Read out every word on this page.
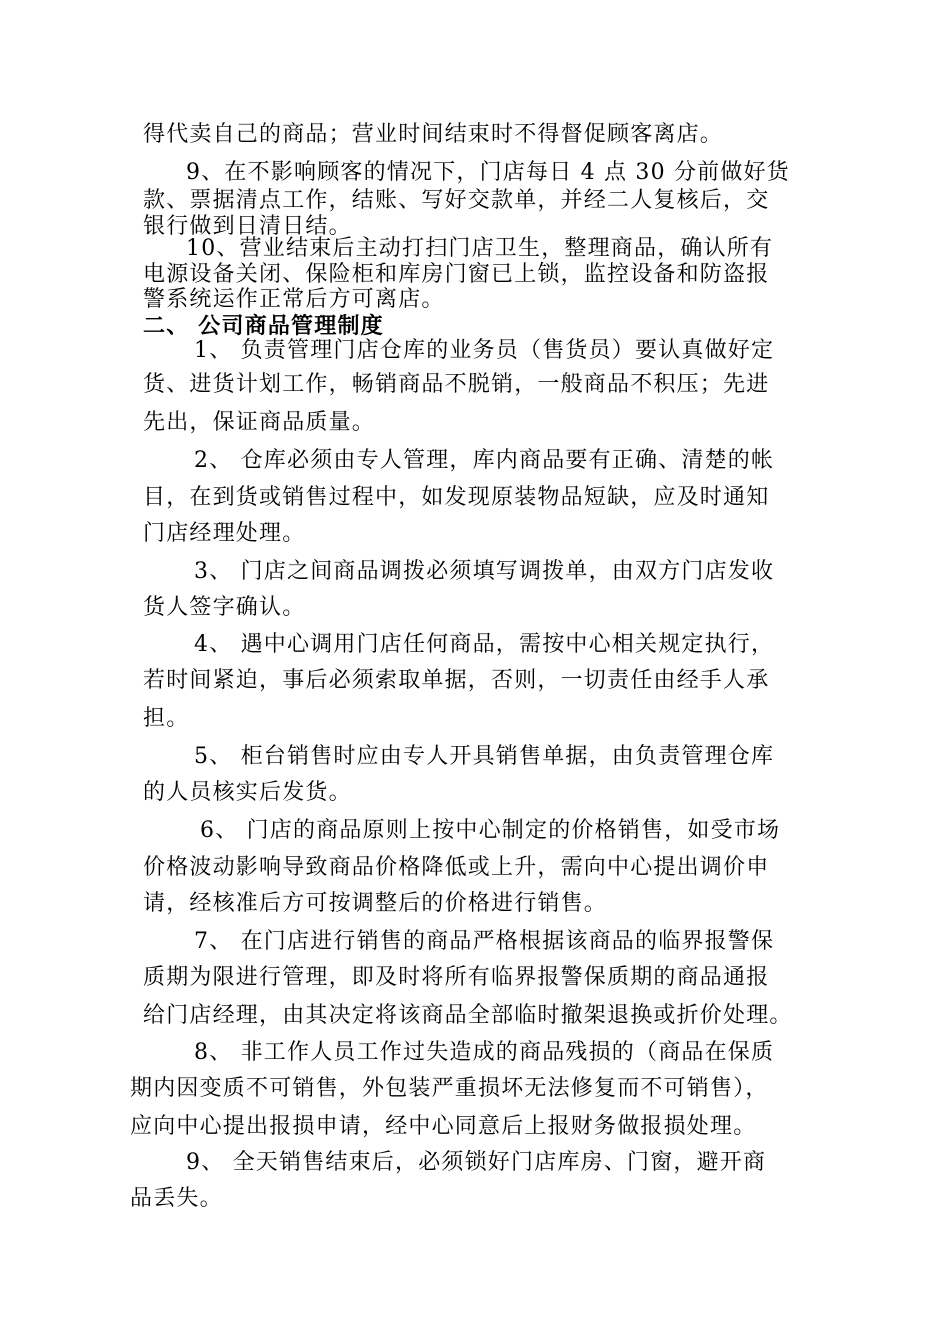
得代卖自己的商品；营业时间结束时不得督促顾客离店。
9、在不影响顾客的情况下，门店每日 4 点 30 分前做好货
款、票据清点工作，结账、写好交款单，并经二人复核后，交
银行做到日清日结。
10、营业结束后主动打扫门店卫生，整理商品，确认所有
电源设备关闭、保险柜和库房门窗已上锁，监控设备和防盗报
警系统运作正常后方可离店。
二、 公司商品管理制度
1、 负责管理门店仓库的业务员（售货员）要认真做好定
货、进货计划工作，畅销商品不脱销，一般商品不积压；先进
先出，保证商品质量。
2、 仓库必须由专人管理，库内商品要有正确、清楚的帐
目，在到货或销售过程中，如发现原装物品短缺，应及时通知
门店经理处理。
3、 门店之间商品调拨必须填写调拨单，由双方门店发收
货人签字确认。
4、 遇中心调用门店任何商品，需按中心相关规定执行，
若时间紧迫，事后必须索取单据，否则，一切责任由经手人承
担。
5、 柜台销售时应由专人开具销售单据，由负责管理仓库
的人员核实后发货。
6、 门店的商品原则上按中心制定的价格销售，如受市场
价格波动影响导致商品价格降低或上升，需向中心提出调价申
请，经核准后方可按调整后的价格进行销售。
7、 在门店进行销售的商品严格根据该商品的临界报警保
质期为限进行管理，即及时将所有临界报警保质期的商品通报
给门店经理，由其决定将该商品全部临时撤架退换或折价处理。
8、 非工作人员工作过失造成的商品残损的（商品在保质
期内因变质不可销售，外包装严重损坏无法修复而不可销售），
应向中心提出报损申请，经中心同意后上报财务做报损处理。
9、 全天销售结束后，必须锁好门店库房、门窗，避开商
品丢失。
